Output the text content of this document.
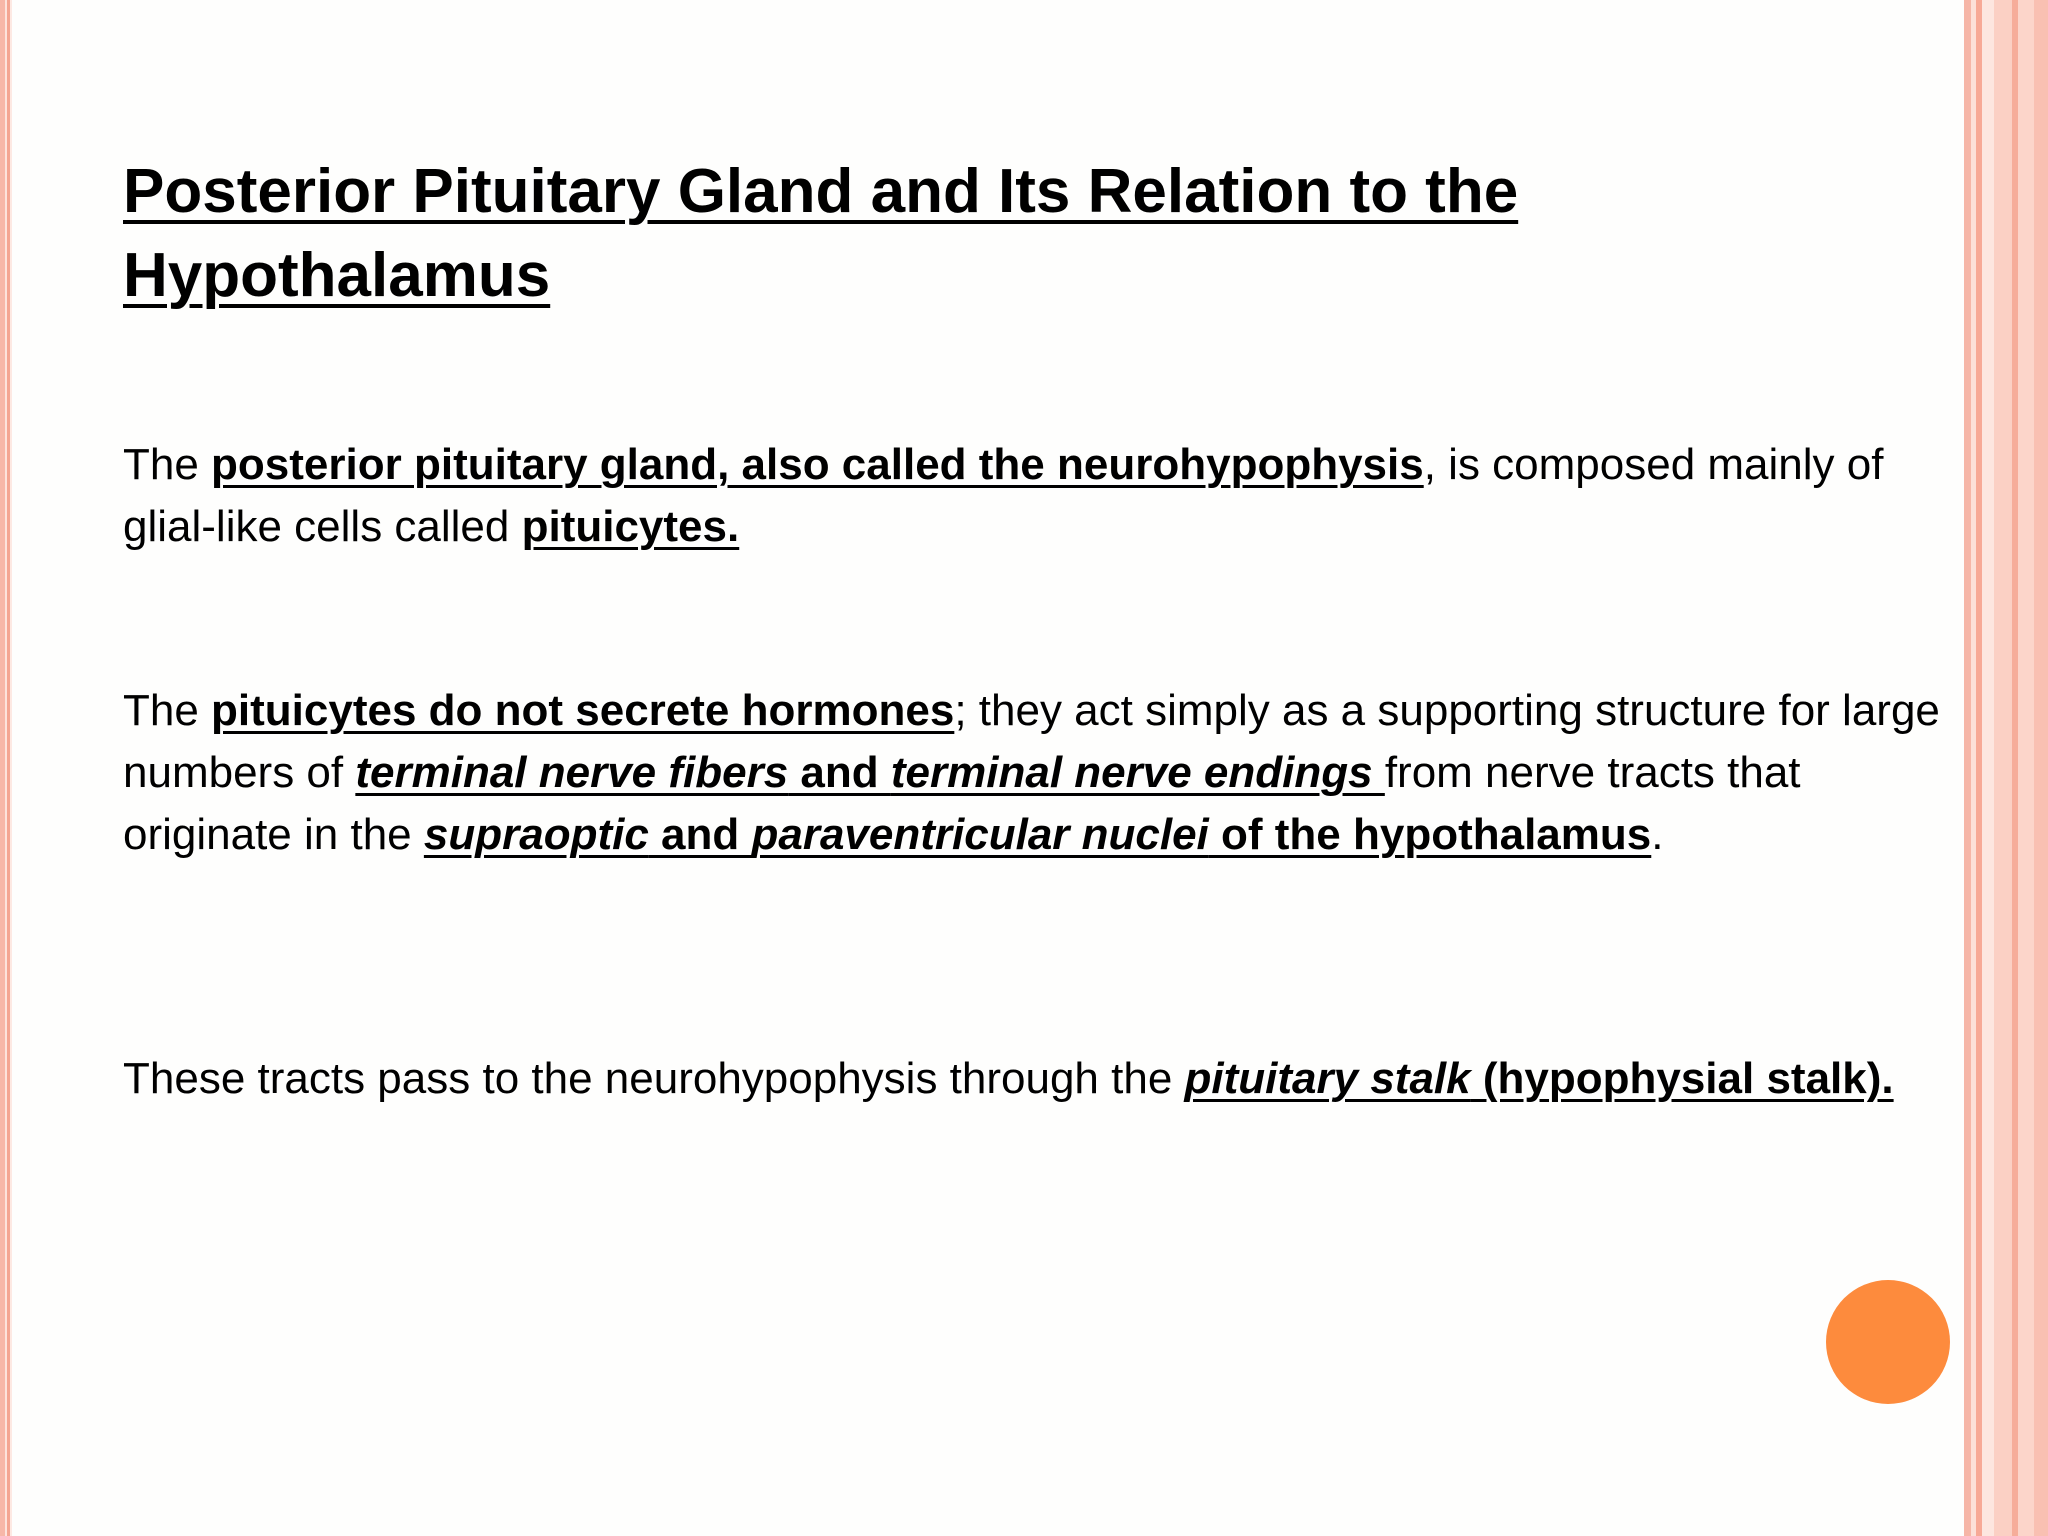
Posterior Pituitary Gland and Its Relation to the Hypothalamus

The posterior pituitary gland, also called the neurohypophysis, is composed mainly of glial-like cells called pituicytes.

The pituicytes do not secrete hormones; they act simply as a supporting structure for large numbers of terminal nerve fibers and terminal nerve endings from nerve tracts that originate in the supraoptic and paraventricular nuclei of the hypothalamus.

These tracts pass to the neurohypophysis through the pituitary stalk (hypophysial stalk).
